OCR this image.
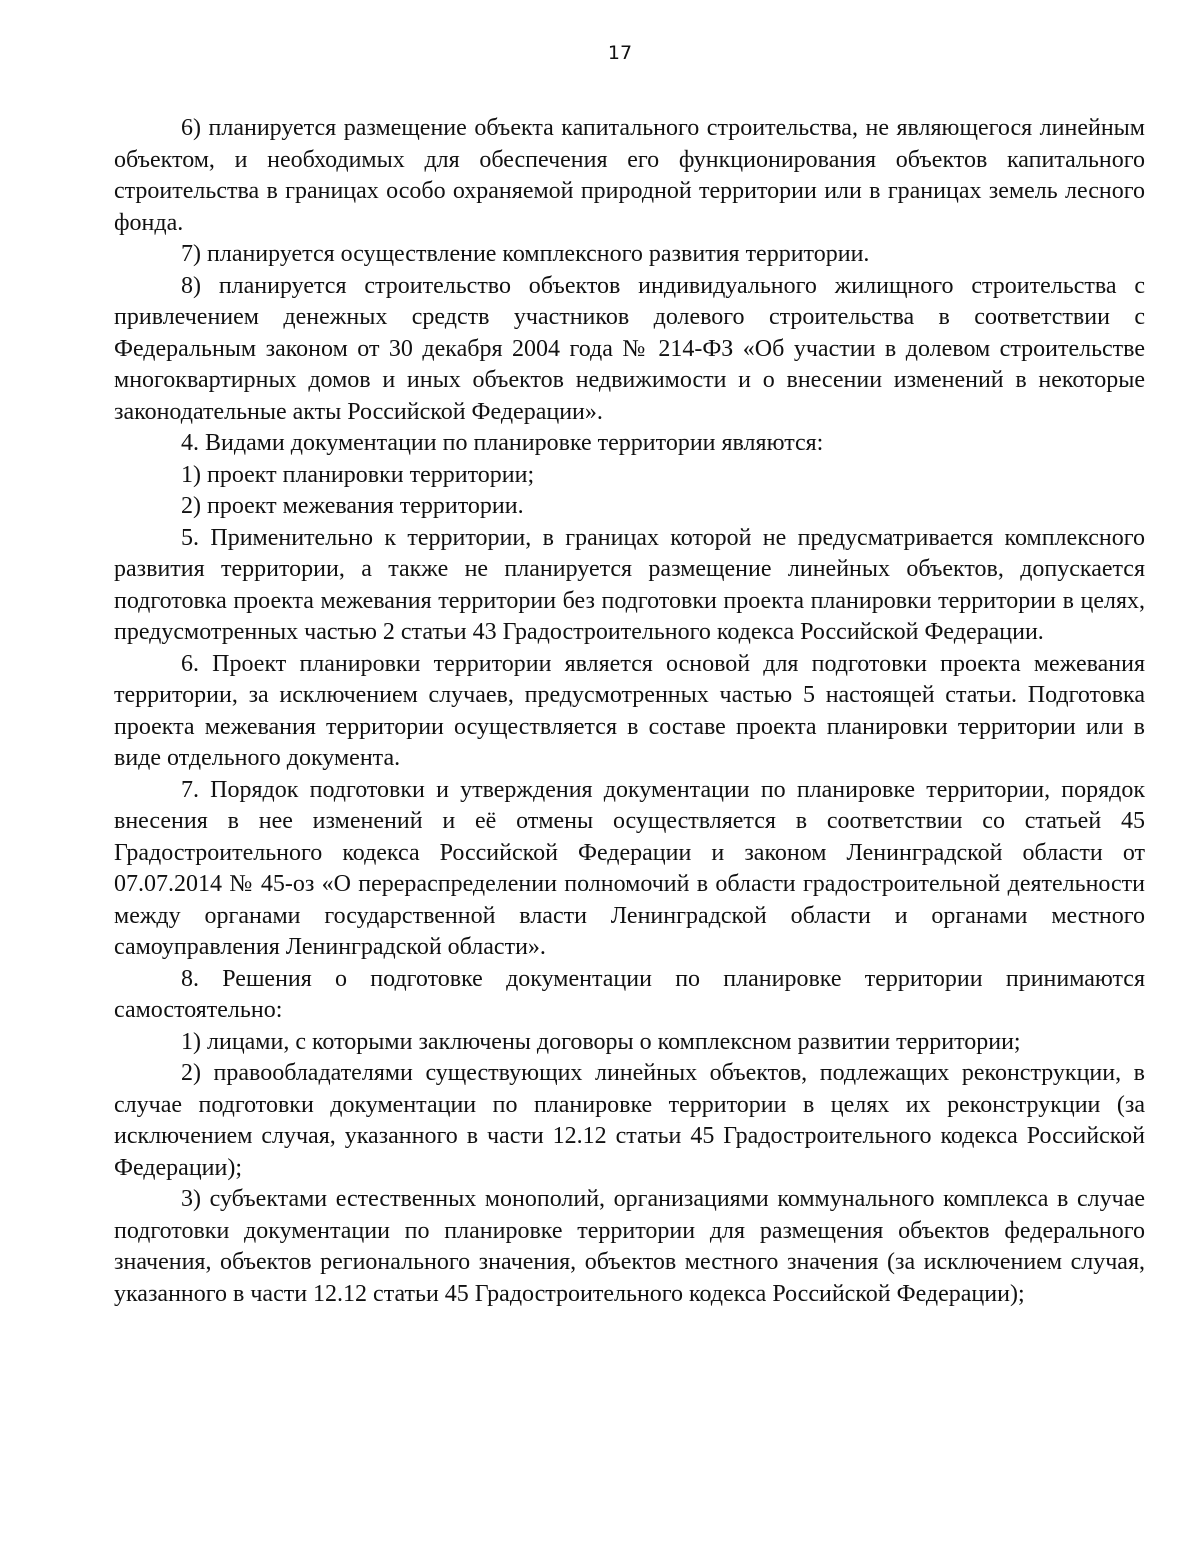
17

6) планируется размещение объекта капитального строительства, не являющегося линейным объектом, и необходимых для обеспечения его функционирования объектов капитального строительства в границах особо охраняемой природной территории или в границах земель лесного фонда.

7) планируется осуществление комплексного развития территории.

8) планируется строительство объектов индивидуального жилищного строительства с привлечением денежных средств участников долевого строительства в соответствии с Федеральным законом от 30 декабря 2004 года № 214-ФЗ «Об участии в долевом строительстве многоквартирных домов и иных объектов недвижимости и о внесении изменений в некоторые законодательные акты Российской Федерации».

4. Видами документации по планировке территории являются:

1) проект планировки территории;

2) проект межевания территории.

5. Применительно к территории, в границах которой не предусматривается комплексного развития территории, а также не планируется размещение линейных объектов, допускается подготовка проекта межевания территории без подготовки проекта планировки территории в целях, предусмотренных частью 2 статьи 43 Градостроительного кодекса Российской Федерации.

6. Проект планировки территории является основой для подготовки проекта межевания территории, за исключением случаев, предусмотренных частью 5 настоящей статьи. Подготовка проекта межевания территории осуществляется в составе проекта планировки территории или в виде отдельного документа.

7. Порядок подготовки и утверждения документации по планировке территории, порядок внесения в нее изменений и её отмены осуществляется в соответствии со статьей 45 Градостроительного кодекса Российской Федерации и законом Ленинградской области от 07.07.2014 № 45-оз «О перераспределении полномочий в области градостроительной деятельности между органами государственной власти Ленинградской области и органами местного самоуправления Ленинградской области».

8. Решения о подготовке документации по планировке территории принимаются самостоятельно:

1) лицами, с которыми заключены договоры о комплексном развитии территории;

2) правообладателями существующих линейных объектов, подлежащих реконструкции, в случае подготовки документации по планировке территории в целях их реконструкции (за исключением случая, указанного в части 12.12 статьи 45 Градостроительного кодекса Российской Федерации);

3) субъектами естественных монополий, организациями коммунального комплекса в случае подготовки документации по планировке территории для размещения объектов федерального значения, объектов регионального значения, объектов местного значения (за исключением случая, указанного в части 12.12 статьи 45 Градостроительного кодекса Российской Федерации);
